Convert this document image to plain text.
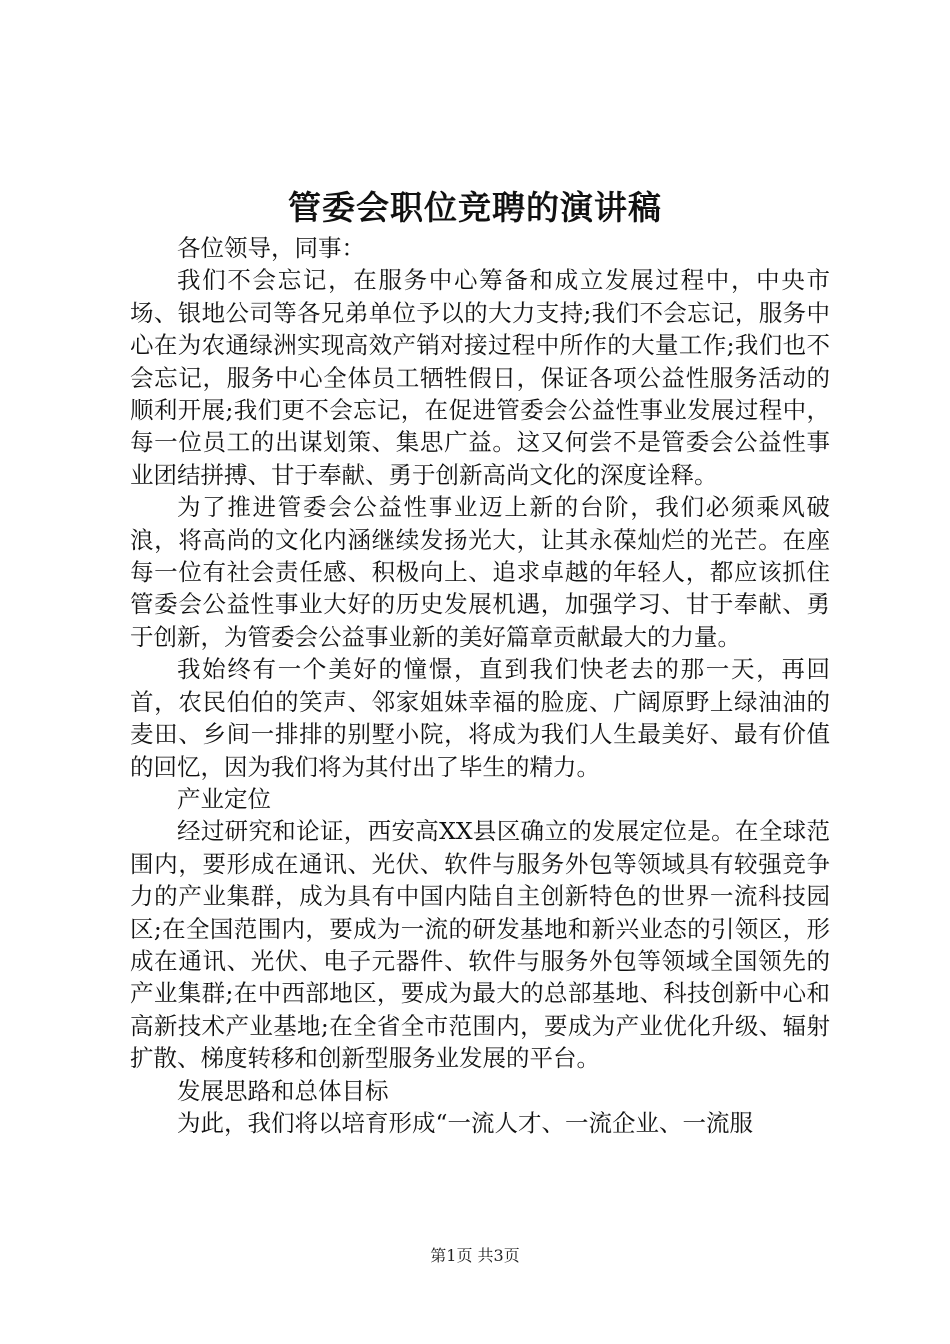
管委会职位竞聘的演讲稿

各位领导，同事：

我们不会忘记，在服务中心筹备和成立发展过程中，中央市场、银地公司等各兄弟单位予以的大力支持;我们不会忘记，服务中心在为农通绿洲实现高效产销对接过程中所作的大量工作;我们也不会忘记，服务中心全体员工牺牲假日，保证各项公益性服务活动的顺利开展;我们更不会忘记，在促进管委会公益性事业发展过程中，每一位员工的出谋划策、集思广益。这又何尝不是管委会公益性事业团结拼搏、甘于奉献、勇于创新高尚文化的深度诠释。

为了推进管委会公益性事业迈上新的台阶，我们必须乘风破浪，将高尚的文化内涵继续发扬光大，让其永葆灿烂的光芒。在座每一位有社会责任感、积极向上、追求卓越的年轻人，都应该抓住管委会公益性事业大好的历史发展机遇，加强学习、甘于奉献、勇于创新，为管委会公益事业新的美好篇章贡献最大的力量。

我始终有一个美好的憧憬，直到我们快老去的那一天，再回首，农民伯伯的笑声、邻家姐妹幸福的脸庞、广阔原野上绿油油的麦田、乡间一排排的别墅小院，将成为我们人生最美好、最有价值的回忆，因为我们将为其付出了毕生的精力。

产业定位

经过研究和论证，西安高XX县区确立的发展定位是。在全球范围内，要形成在通讯、光伏、软件与服务外包等领域具有较强竞争力的产业集群，成为具有中国内陆自主创新特色的世界一流科技园区;在全国范围内，要成为一流的研发基地和新兴业态的引领区，形成在通讯、光伏、电子元器件、软件与服务外包等领域全国领先的产业集群;在中西部地区，要成为最大的总部基地、科技创新中心和高新技术产业基地;在全省全市范围内，要成为产业优化升级、辐射扩散、梯度转移和创新型服务业发展的平台。

发展思路和总体目标

为此，我们将以培育形成“一流人才、一流企业、一流服

第1页 共3页
